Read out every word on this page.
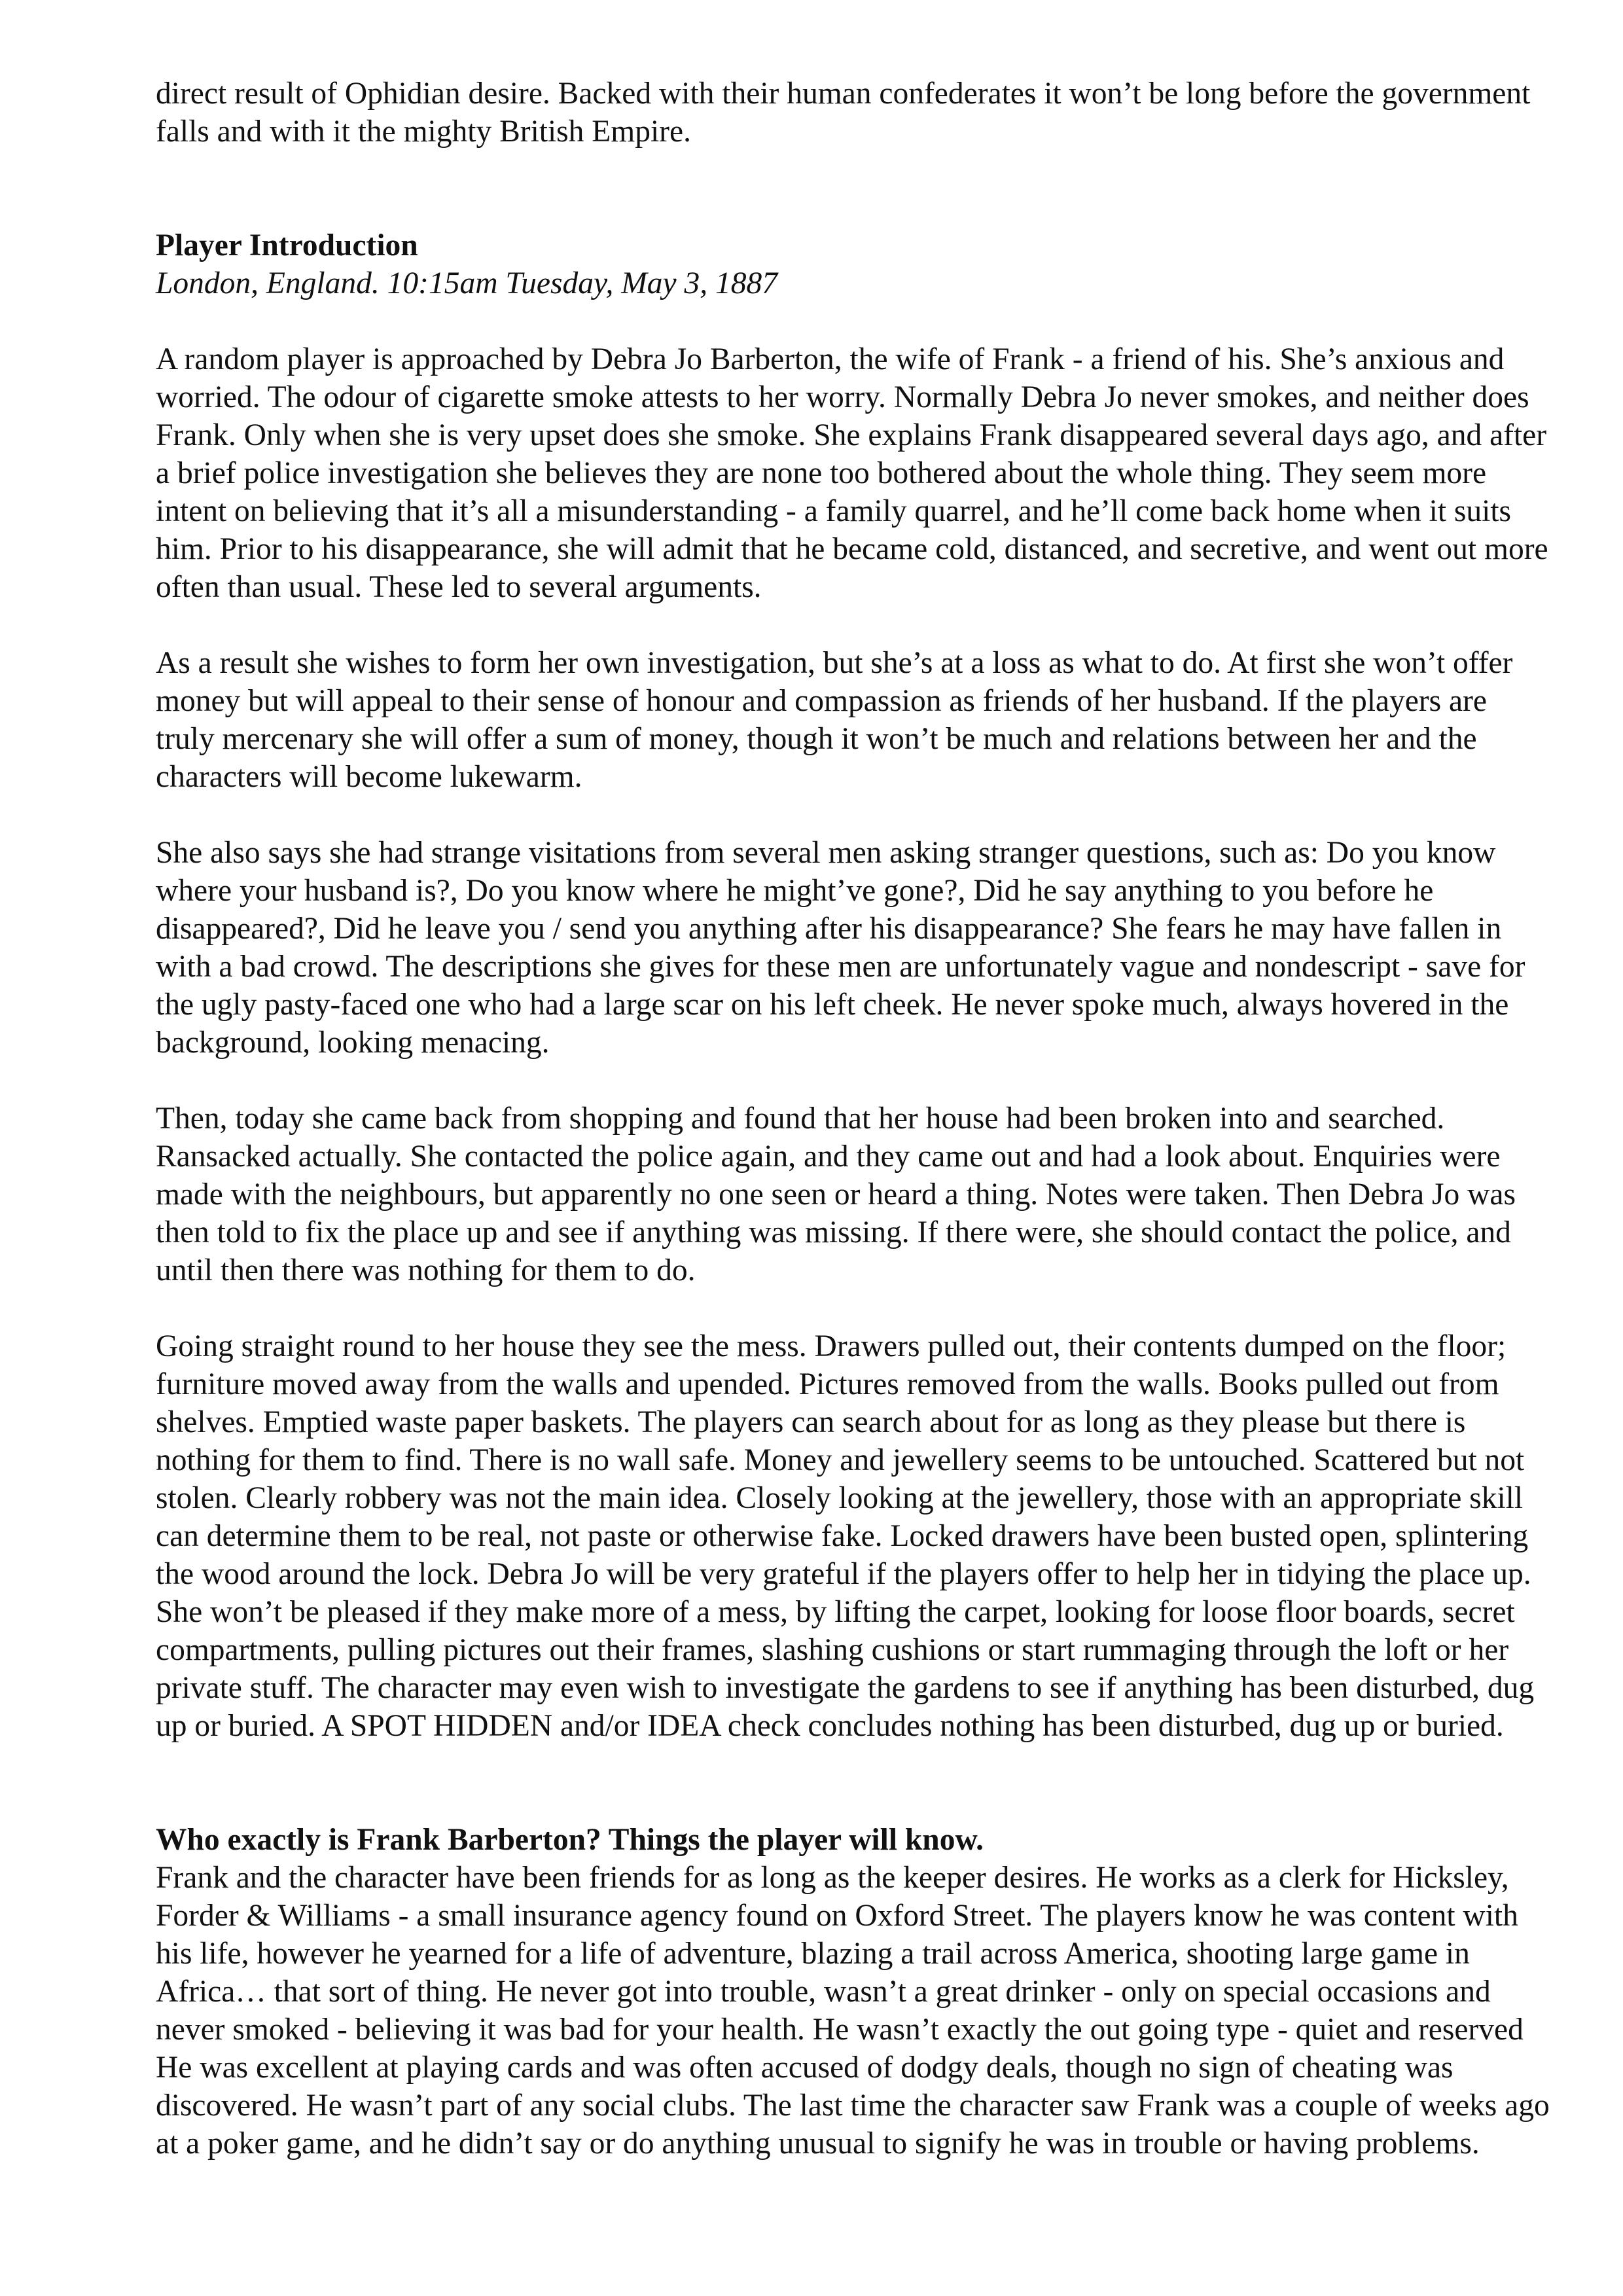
direct result of Ophidian desire. Backed with their human confederates it won’t be long before the government falls and with it the mighty British Empire.

Player Introduction

London, England. 10:15am Tuesday, May 3, 1887

A random player is approached by Debra Jo Barberton, the wife of Frank - a friend of his. She’s anxious and worried. The odour of cigarette smoke attests to her worry. Normally Debra Jo never smokes, and neither does Frank. Only when she is very upset does she smoke. She explains Frank disappeared several days ago, and after a brief police investigation she believes they are none too bothered about the whole thing. They seem more intent on believing that it’s all a misunderstanding - a family quarrel, and he’ll come back home when it suits him. Prior to his disappearance, she will admit that he became cold, distanced, and secretive, and went out more often than usual. These led to several arguments.

As a result she wishes to form her own investigation, but she’s at a loss as what to do. At first she won’t offer money but will appeal to their sense of honour and compassion as friends of her husband. If the players are truly mercenary she will offer a sum of money, though it won’t be much and relations between her and the characters will become lukewarm.

She also says she had strange visitations from several men asking stranger questions, such as: Do you know where your husband is?, Do you know where he might’ve gone?, Did he say anything to you before he disappeared?, Did he leave you / send you anything after his disappearance? She fears he may have fallen in with a bad crowd. The descriptions she gives for these men are unfortunately vague and nondescript - save for the ugly pasty-faced one who had a large scar on his left cheek. He never spoke much, always hovered in the background, looking menacing.

Then, today she came back from shopping and found that her house had been broken into and searched. Ransacked actually. She contacted the police again, and they came out and had a look about. Enquiries were made with the neighbours, but apparently no one seen or heard a thing. Notes were taken. Then Debra Jo was then told to fix the place up and see if anything was missing. If there were, she should contact the police, and until then there was nothing for them to do.

Going straight round to her house they see the mess. Drawers pulled out, their contents dumped on the floor; furniture moved away from the walls and upended. Pictures removed from the walls. Books pulled out from shelves. Emptied waste paper baskets. The players can search about for as long as they please but there is nothing for them to find. There is no wall safe. Money and jewellery seems to be untouched. Scattered but not stolen. Clearly robbery was not the main idea. Closely looking at the jewellery, those with an appropriate skill can determine them to be real, not paste or otherwise fake. Locked drawers have been busted open, splintering the wood around the lock. Debra Jo will be very grateful if the players offer to help her in tidying the place up. She won’t be pleased if they make more of a mess, by lifting the carpet, looking for loose floor boards, secret compartments, pulling pictures out their frames, slashing cushions or start rummaging through the loft or her private stuff. The character may even wish to investigate the gardens to see if anything has been disturbed, dug up or buried. A SPOT HIDDEN and/or IDEA check concludes nothing has been disturbed, dug up or buried.

Who exactly is Frank Barberton? Things the player will know.

Frank and the character have been friends for as long as the keeper desires. He works as a clerk for Hicksley, Forder & Williams - a small insurance agency found on Oxford Street. The players know he was content with his life, however he yearned for a life of adventure, blazing a trail across America, shooting large game in Africa… that sort of thing. He never got into trouble, wasn’t a great drinker - only on special occasions and never smoked - believing it was bad for your health. He wasn’t exactly the out going type - quiet and reserved He was excellent at playing cards and was often accused of dodgy deals, though no sign of cheating was discovered. He wasn’t part of any social clubs. The last time the character saw Frank was a couple of weeks ago at a poker game, and he didn’t say or do anything unusual to signify he was in trouble or having problems.
